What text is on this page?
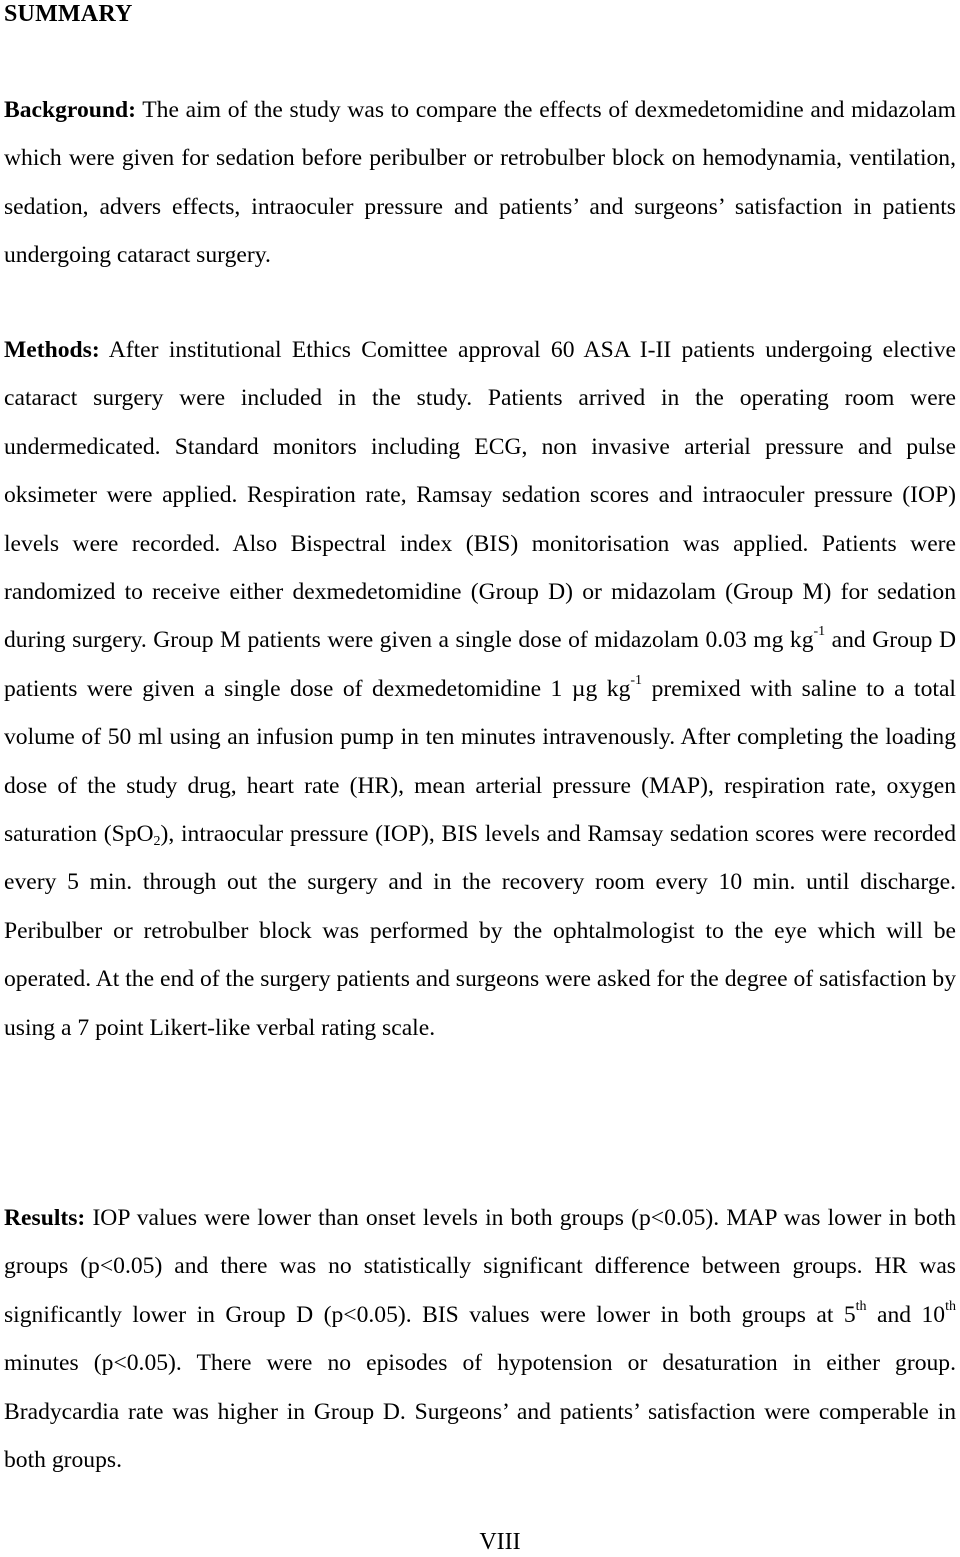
SUMMARY

Background: The aim of the study was to compare the effects of dexmedetomidine and midazolam which were given for sedation before peribulber or retrobulber block on hemodynamia, ventilation, sedation, advers effects, intraoculer pressure and patients’ and surgeons’ satisfaction in patients undergoing cataract surgery.

Methods: After institutional Ethics Comittee approval 60 ASA I-II patients undergoing elective cataract surgery were included in the study. Patients arrived in the operating room were undermedicated. Standard monitors including ECG, non invasive arterial pressure and pulse oksimeter were applied. Respiration rate, Ramsay sedation scores and intraoculer pressure (IOP) levels were recorded. Also Bispectral index (BIS) monitorisation was applied. Patients were randomized to receive either dexmedetomidine (Group D) or midazolam (Group M) for sedation during surgery. Group M patients were given a single dose of midazolam 0.03 mg $kg^{-1}$ and Group D patients were given a single dose of dexmedetomidine 1 µg $kg^{-1}$ premixed with saline to a total volume of 50 ml using an infusion pump in ten minutes intravenously. After completing the loading dose of the study drug, heart rate (HR), mean arterial pressure (MAP), respiration rate, oxygen saturation (SpO$_2$), intraocular pressure (IOP), BIS levels and Ramsay sedation scores were recorded every 5 min. through out the surgery and in the recovery room every 10 min. until discharge. Peribulber or retrobulber block was performed by the ophtalmologist to the eye which will be operated. At the end of the surgery patients and surgeons were asked for the degree of satisfaction by using a 7 point Likert-like verbal rating scale.

Results: IOP values were lower than onset levels in both groups (p<0.05). MAP was lower in both groups (p<0.05) and there was no statistically significant difference between groups. HR was significantly lower in Group D (p<0.05). BIS values were lower in both groups at 5th and 10th minutes (p<0.05). There were no episodes of hypotension or desaturation in either group. Bradycardia rate was higher in Group D. Surgeons’ and patients’ satisfaction were comperable in both groups.

VIII
